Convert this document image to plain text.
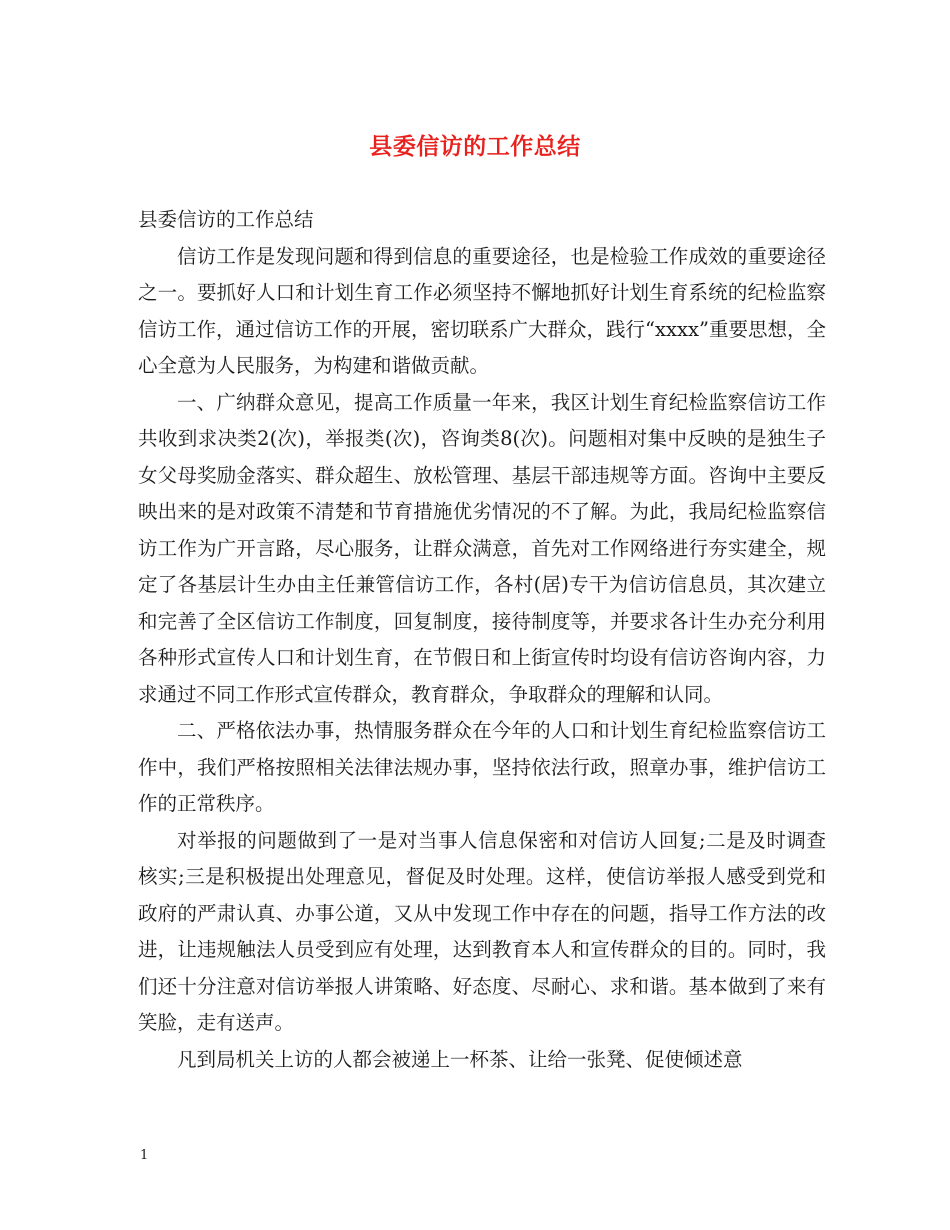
县委信访的工作总结

县委信访的工作总结

信访工作是发现问题和得到信息的重要途径，也是检验工作成效的重要途径之一。要抓好人口和计划生育工作必须坚持不懈地抓好计划生育系统的纪检监察信访工作，通过信访工作的开展，密切联系广大群众，践行“xxxx”重要思想，全心全意为人民服务，为构建和谐做贡献。

一、广纳群众意见，提高工作质量一年来，我区计划生育纪检监察信访工作共收到求决类2(次)，举报类(次)，咨询类8(次)。问题相对集中反映的是独生子女父母奖励金落实、群众超生、放松管理、基层干部违规等方面。咨询中主要反映出来的是对政策不清楚和节育措施优劣情况的不了解。为此，我局纪检监察信访工作为广开言路，尽心服务，让群众满意，首先对工作网络进行夯实建全，规定了各基层计生办由主任兼管信访工作，各村(居)专干为信访信息员，其次建立和完善了全区信访工作制度，回复制度，接待制度等，并要求各计生办充分利用各种形式宣传人口和计划生育，在节假日和上街宣传时均设有信访咨询内容，力求通过不同工作形式宣传群众，教育群众，争取群众的理解和认同。

二、严格依法办事，热情服务群众在今年的人口和计划生育纪检监察信访工作中，我们严格按照相关法律法规办事，坚持依法行政，照章办事，维护信访工作的正常秩序。

对举报的问题做到了一是对当事人信息保密和对信访人回复;二是及时调查核实;三是积极提出处理意见，督促及时处理。这样，使信访举报人感受到党和政府的严肃认真、办事公道，又从中发现工作中存在的问题，指导工作方法的改进，让违规触法人员受到应有处理，达到教育本人和宣传群众的目的。同时，我们还十分注意对信访举报人讲策略、好态度、尽耐心、求和谐。基本做到了来有笑脸，走有送声。

凡到局机关上访的人都会被递上一杯茶、让给一张凳、促使倾述意

1
